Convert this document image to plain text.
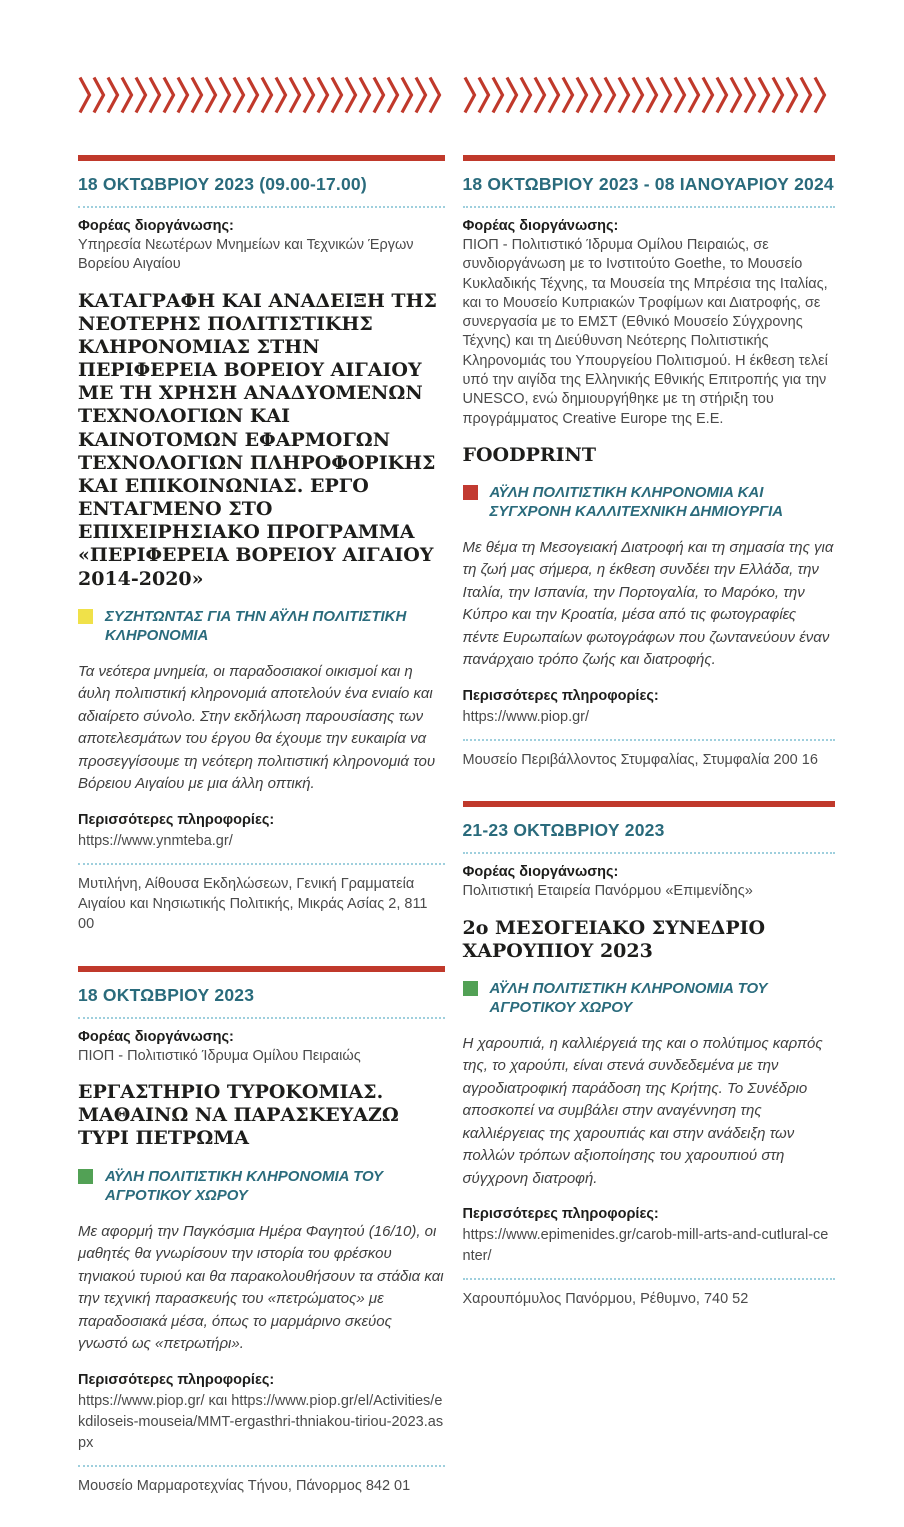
18 ΟΚΤΩΒΡΙΟΥ 2023 (09.00-17.00)
Φορέας διοργάνωσης:
Υπηρεσία Νεωτέρων Μνημείων και Τεχνικών Έργων Βορείου Αιγαίου
ΚΑΤΑΓΡΑΦΗ ΚΑΙ ΑΝΑΔΕΙΞΗ ΤΗΣ ΝΕΟΤΕΡΗΣ ΠΟΛΙΤΙΣΤΙΚΗΣ ΚΛΗΡΟΝΟΜΙΑΣ ΣΤΗΝ ΠΕΡΙΦΕΡΕΙΑ ΒΟΡΕΙΟΥ ΑΙΓΑΙΟΥ ΜΕ ΤΗ ΧΡΗΣΗ ΑΝΑΔΥΟΜΕΝΩΝ ΤΕΧΝΟΛΟΓΙΩΝ ΚΑΙ ΚΑΙΝΟΤΟΜΩΝ ΕΦΑΡΜΟΓΩΝ ΤΕΧΝΟΛΟΓΙΩΝ ΠΛΗΡΟΦΟΡΙΚΗΣ ΚΑΙ ΕΠΙΚΟΙΝΩΝΙΑΣ. ΕΡΓΟ ΕΝΤΑΓΜΕΝΟ ΣΤΟ ΕΠΙΧΕΙΡΗΣΙΑΚΟ ΠΡΟΓΡΑΜΜΑ «ΠΕΡΙΦΕΡΕΙΑ ΒΟΡΕΙΟΥ ΑΙΓΑΙΟΥ 2014-2020»
ΣΥΖΗΤΩΝΤΑΣ ΓΙΑ ΤΗΝ ΑΫΛΗ ΠΟΛΙΤΙΣΤΙΚΗ ΚΛΗΡΟΝΟΜΙΑ

Τα νεότερα μνημεία, οι παραδοσιακοί οικισμοί και η άυλη πολιτιστική κληρονομιά αποτελούν ένα ενιαίο και αδιαίρετο σύνολο. Στην εκδήλωση παρουσίασης των αποτελεσμάτων του έργου θα έχουμε την ευκαιρία να προσεγγίσουμε τη νεότερη πολιτιστική κληρονομιά του Βόρειου Αιγαίου με μια άλλη οπτική.

Περισσότερες πληροφορίες:
https://www.ynmteba.gr/
Μυτιλήνη, Αίθουσα Εκδηλώσεων, Γενική Γραμματεία Αιγαίου και Νησιωτικής Πολιτικής, Μικράς Ασίας 2, 811 00
18 ΟΚΤΩΒΡΙΟΥ 2023
Φορέας διοργάνωσης:
ΠΙΟΠ - Πολιτιστικό Ίδρυμα Ομίλου Πειραιώς
ΕΡΓΑΣΤΗΡΙΟ ΤΥΡΟΚΟΜΙΑΣ. ΜΑΘΑΙΝΩ ΝΑ ΠΑΡΑΣΚΕΥΑΖΩ ΤΥΡΙ ΠΕΤΡΩΜΑ
ΑΫΛΗ ΠΟΛΙΤΙΣΤΙΚΗ ΚΛΗΡΟΝΟΜΙΑ ΤΟΥ ΑΓΡΟΤΙΚΟΥ ΧΩΡΟΥ

Με αφορμή την Παγκόσμια Ημέρα Φαγητού (16/10), οι μαθητές θα γνωρίσουν την ιστορία του φρέσκου τηνιακού τυριού και θα παρακολουθήσουν τα στάδια και την τεχνική παρασκευής του «πετρώματος» με παραδοσιακά μέσα, όπως το μαρμάρινο σκεύος γνωστό ως «πετρωτήρι».

Περισσότερες πληροφορίες:
https://www.piop.gr/ και https://www.piop.gr/el/Activities/ekdiloseis-mouseia/MMT-ergasthri-thniakou-tiriou-2023.aspx
Μουσείο Μαρμαροτεχνίας Τήνου, Πάνορμος 842 01
18 ΟΚΤΩΒΡΙΟΥ 2023 - 08 ΙΑΝΟΥΑΡΙΟΥ 2024
Φορέας διοργάνωσης:
ΠΙΟΠ - Πολιτιστικό Ίδρυμα Ομίλου Πειραιώς, σε συνδιοργάνωση με το Ινστιτούτο Goethe, το Μουσείο Κυκλαδικής Τέχνης, τα Μουσεία της Μπρέσια της Ιταλίας, και το Μουσείο Κυπριακών Τροφίμων και Διατροφής, σε συνεργασία με το ΕΜΣΤ (Εθνικό Μουσείο Σύγχρονης Τέχνης) και τη Διεύθυνση Νεότερης Πολιτιστικής Κληρονομιάς του Υπουργείου Πολιτισμού. Η έκθεση τελεί υπό την αιγίδα της Ελληνικής Εθνικής Επιτροπής για την UNESCO, ενώ δημιουργήθηκε με τη στήριξη του προγράμματος Creative Europe της Ε.Ε.
FOODPRINT
ΑΫΛΗ ΠΟΛΙΤΙΣΤΙΚΗ ΚΛΗΡΟΝΟΜΙΑ ΚΑΙ ΣΥΓΧΡΟΝΗ ΚΑΛΛΙΤΕΧΝΙΚΗ ΔΗΜΙΟΥΡΓΙΑ

Με θέμα τη Μεσογειακή Διατροφή και τη σημασία της για τη ζωή μας σήμερα, η έκθεση συνδέει την Ελλάδα, την Ιταλία, την Ισπανία, την Πορτογαλία, το Μαρόκο, την Κύπρο και την Κροατία, μέσα από τις φωτογραφίες πέντε Ευρωπαίων φωτογράφων που ζωντανεύουν έναν πανάρχαιο τρόπο ζωής και διατροφής.

Περισσότερες πληροφορίες:
https://www.piop.gr/
Μουσείο Περιβάλλοντος Στυμφαλίας, Στυμφαλία 200 16
21-23 ΟΚΤΩΒΡΙΟΥ 2023
Φορέας διοργάνωσης:
Πολιτιστική Εταιρεία Πανόρμου «Επιμενίδης»
2ο ΜΕΣΟΓΕΙΑΚΟ ΣΥΝΕΔΡΙΟ ΧΑΡΟΥΠΙΟΥ 2023
ΑΫΛΗ ΠΟΛΙΤΙΣΤΙΚΗ ΚΛΗΡΟΝΟΜΙΑ ΤΟΥ ΑΓΡΟΤΙΚΟΥ ΧΩΡΟΥ

Η χαρουπιά, η καλλιέργειά της και ο πολύτιμος καρπός της, το χαρούπι, είναι στενά συνδεδεμένα με την αγροδιατροφική παράδοση της Κρήτης. Το Συνέδριο αποσκοπεί να συμβάλει στην αναγέννηση της καλλιέργειας της χαρουπιάς και στην ανάδειξη των πολλών τρόπων αξιοποίησης του χαρουπιού στη σύγχρονη διατροφή.

Περισσότερες πληροφορίες:
https://www.epimenides.gr/carob-mill-arts-and-cutlural-center/
Χαρουπόμυλος Πανόρμου, Ρέθυμνο, 740 52
